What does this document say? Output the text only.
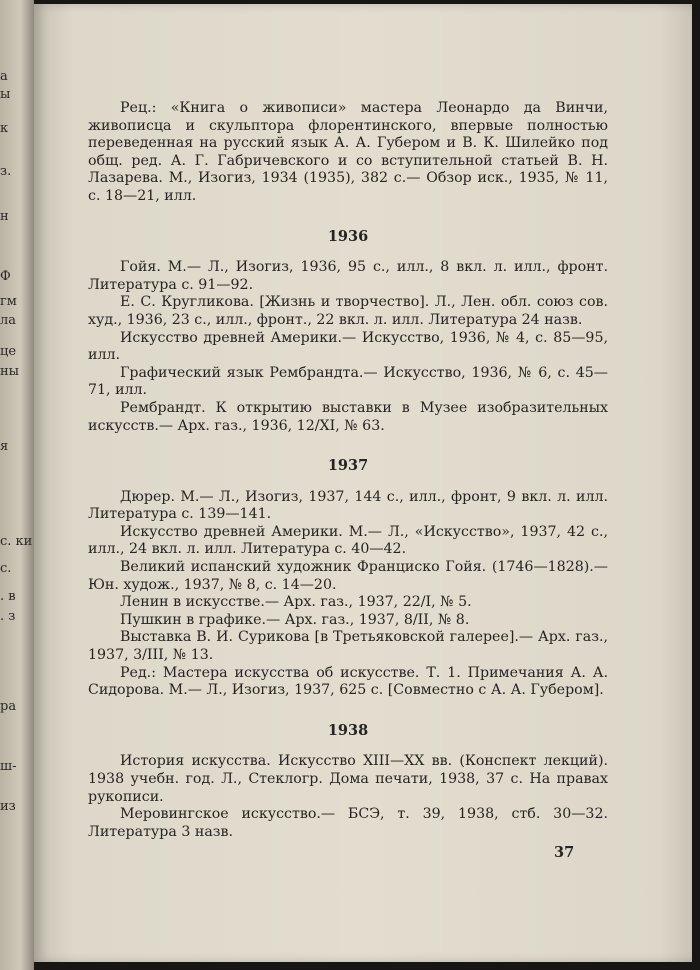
а
ы
к
з.
н
Ф
гм
ла
це
ны
я
с. ки
с.
. в
. з
ра
ш-
из

Рец.: «Книга о живописи» мастера Леонардо да Винчи, живописца и скульптора флорентинского, впервые полностью переведенная на русский язык А. А. Губером и В. К. Шилейко под общ. ред. А. Г. Габричевского и со вступительной статьей В. Н. Лазарева. М., Изогиз, 1934 (1935), 382 с.— Обзор иск., 1935, № 11, с. 18—21, илл.

1936

Гойя. М.— Л., Изогиз, 1936, 95 с., илл., 8 вкл. л. илл., фронт. Литература с. 91—92.

Е. С. Кругликова. [Жизнь и творчество]. Л., Лен. обл. союз сов. худ., 1936, 23 с., илл., фронт., 22 вкл. л. илл. Литература 24 назв.

Искусство древней Америки.— Искусство, 1936, № 4, с. 85—95, илл.

Графический язык Рембрандта.— Искусство, 1936, № 6, с. 45—71, илл.

Рембрандт. К открытию выставки в Музее изобразительных искусств.— Арх. газ., 1936, 12/XI, № 63.

1937

Дюрер. М.— Л., Изогиз, 1937, 144 с., илл., фронт, 9 вкл. л. илл. Литература с. 139—141.

Искусство древней Америки. М.— Л., «Искусство», 1937, 42 с., илл., 24 вкл. л. илл. Литература с. 40—42.

Великий испанский художник Франциско Гойя. (1746—1828).— Юн. худож., 1937, № 8, с. 14—20.

Ленин в искусстве.— Арх. газ., 1937, 22/I, № 5.

Пушкин в графике.— Арх. газ., 1937, 8/II, № 8.

Выставка В. И. Сурикова [в Третьяковской галерее].— Арх. газ., 1937, 3/III, № 13.

Ред.: Мастера искусства об искусстве. Т. 1. Примечания А. А. Сидорова. М.— Л., Изогиз, 1937, 625 с. [Совместно с А. А. Губером].

1938

История искусства. Искусство XIII—XX вв. (Конспект лекций). 1938 учебн. год. Л., Стеклогр. Дома печати, 1938, 37 с. На правах рукописи.

Меровингское искусство.— БСЭ, т. 39, 1938, стб. 30—32. Литература 3 назв.

37
